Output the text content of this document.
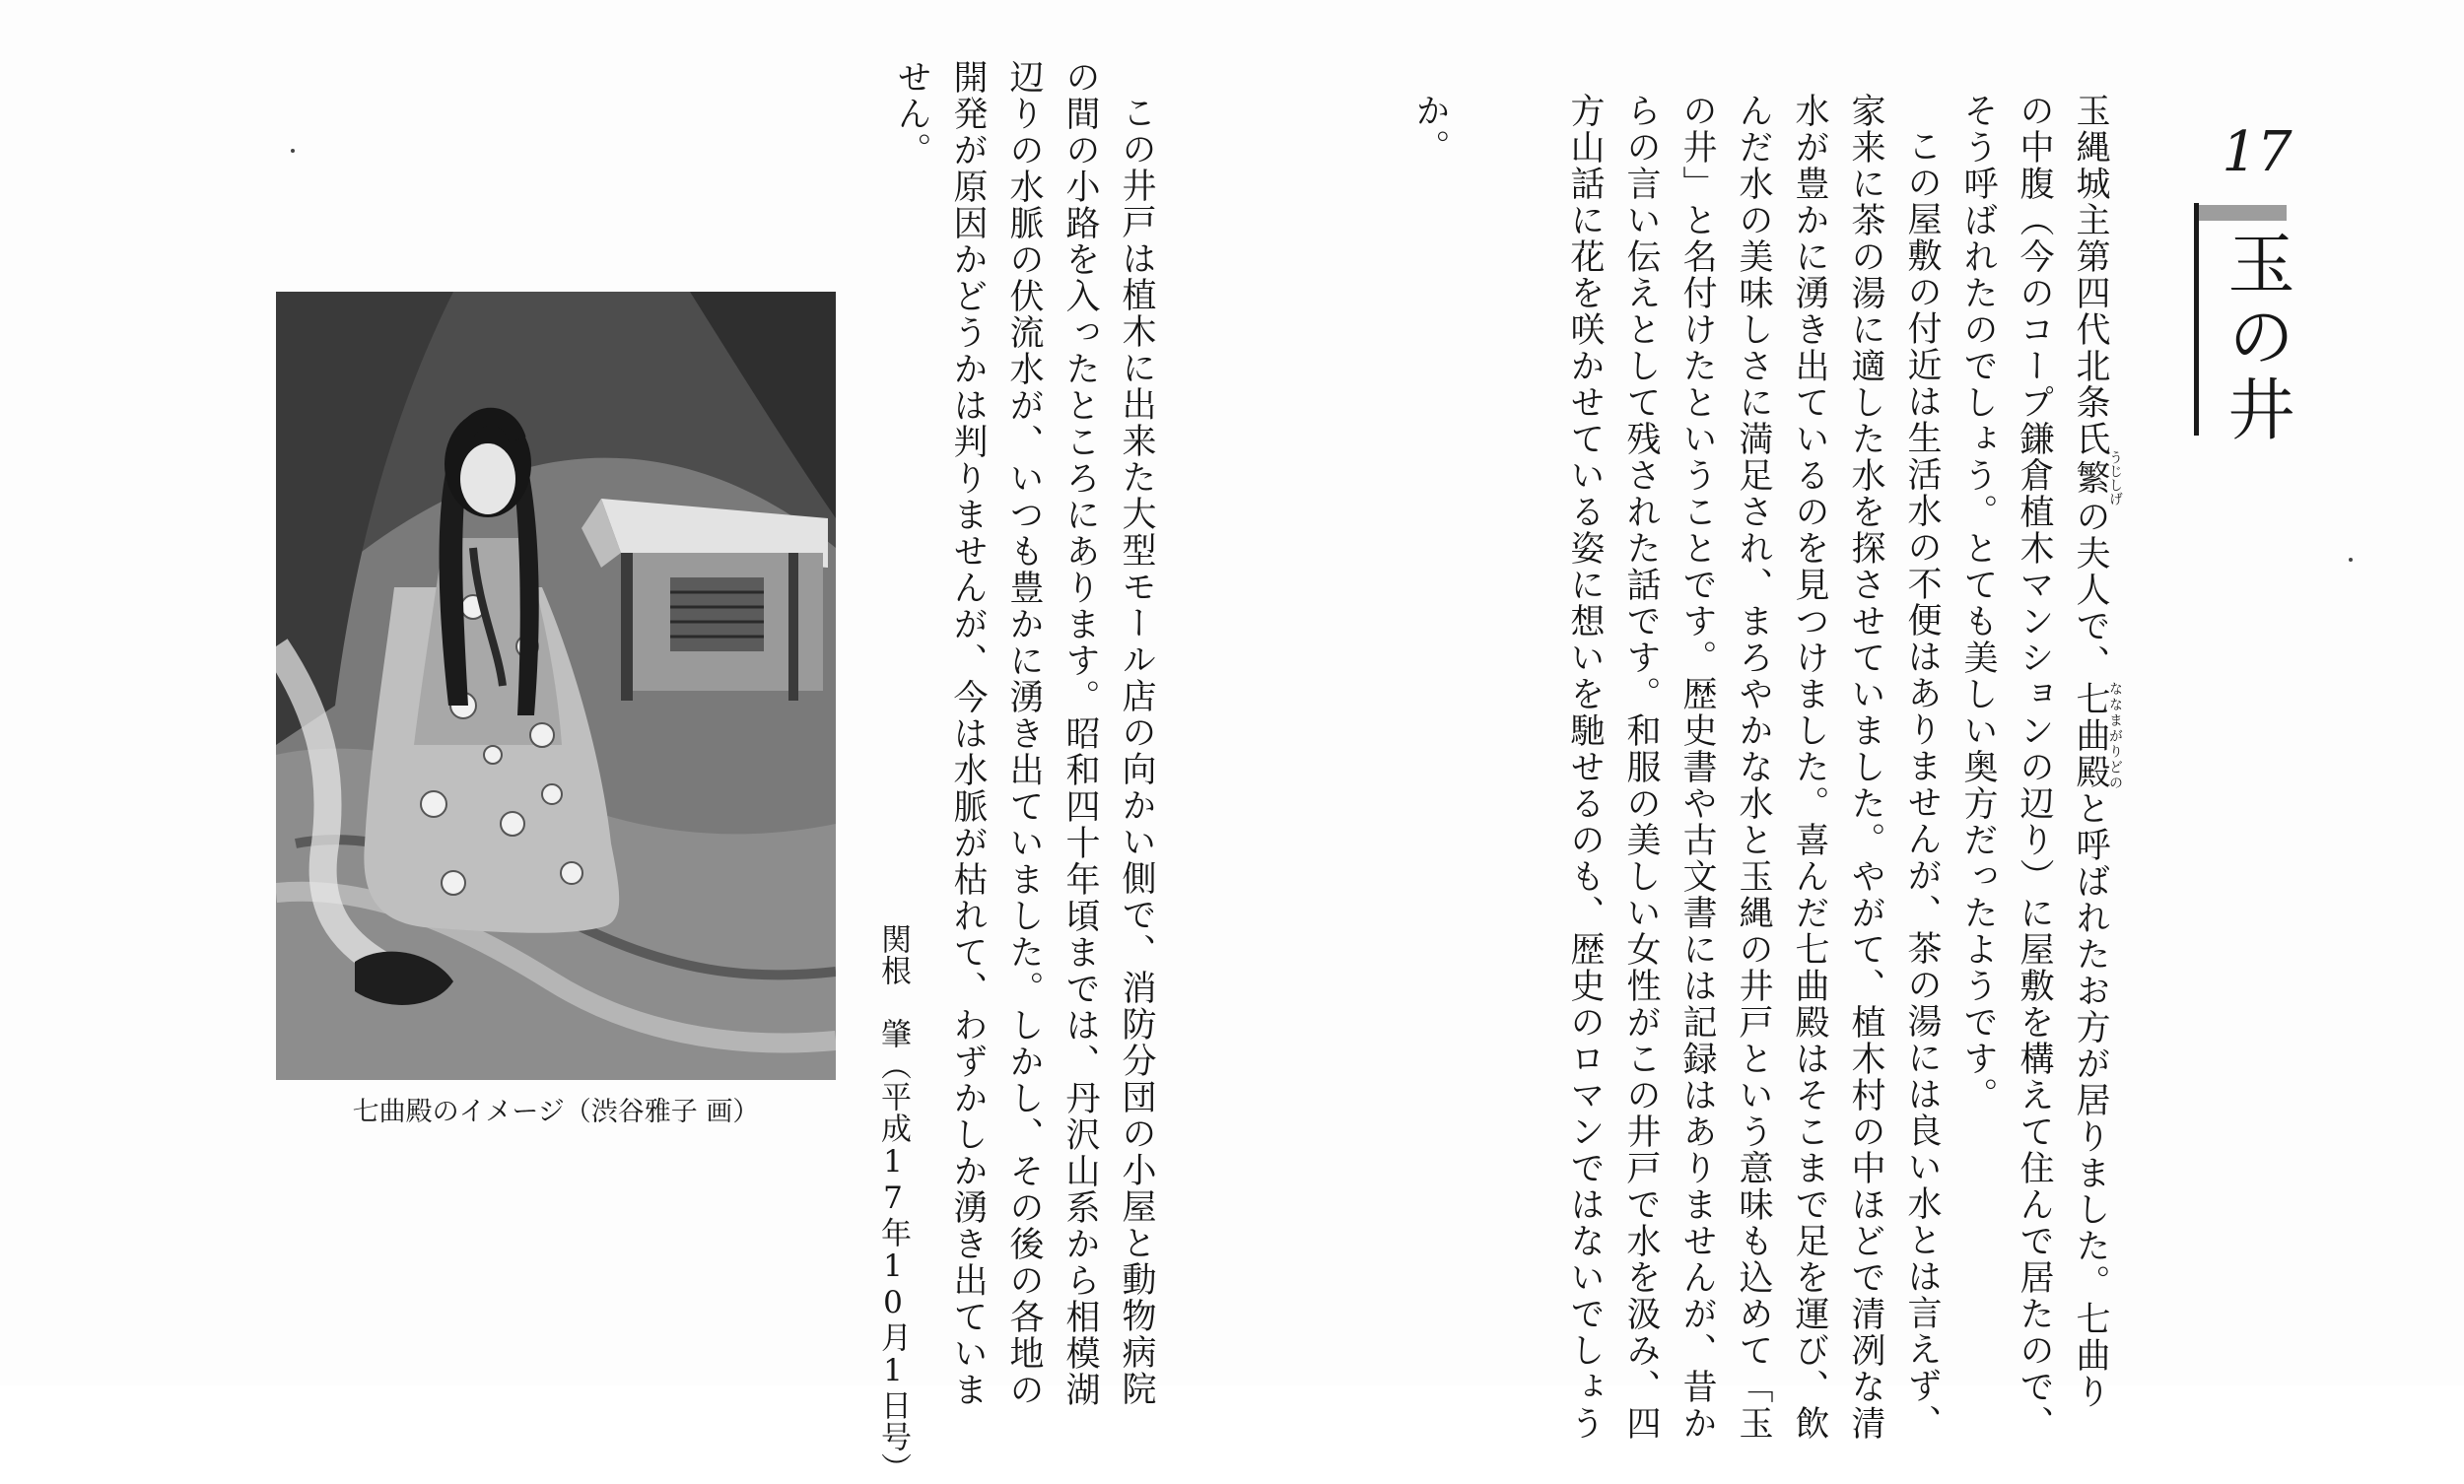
17
玉の井
玉縄城主第四代北条氏繁うじしげの夫人で、七曲殿ななまがりどのと呼ばれたお方が居りました。七曲り
の中腹（今のコープ鎌倉植木マンションの辺り）に屋敷を構えて住んで居たので、
そう呼ばれたのでしょう。とても美しい奥方だったようです。
この屋敷の付近は生活水の不便はありませんが、茶の湯には良い水とは言えず、
家来に茶の湯に適した水を探させていました。やがて、植木村の中ほどで清冽な清
水が豊かに湧き出ているのを見つけました。喜んだ七曲殿はそこまで足を運び、飲
んだ水の美味しさに満足され、まろやかな水と玉縄の井戸という意味も込めて「玉
の井」と名付けたということです。歴史書や古文書には記録はありませんが、昔か
らの言い伝えとして残された話です。和服の美しい女性がこの井戸で水を汲み、四
方山話に花を咲かせている姿に想いを馳せるのも、歴史のロマンではないでしょう
か。
この井戸は植木に出来た大型モール店の向かい側で、消防分団の小屋と動物病院
の間の小路を入ったところにあります。昭和四十年頃までは、丹沢山系から相模湖
辺りの水脈の伏流水が、いつも豊かに湧き出ていました。しかし、その後の各地の
開発が原因かどうかは判りませんが、今は水脈が枯れて、わずかしか湧き出ていま
せん。
関根　肇（平成17年10月1日号）
七曲殿のイメージ（渋谷雅子 画）
